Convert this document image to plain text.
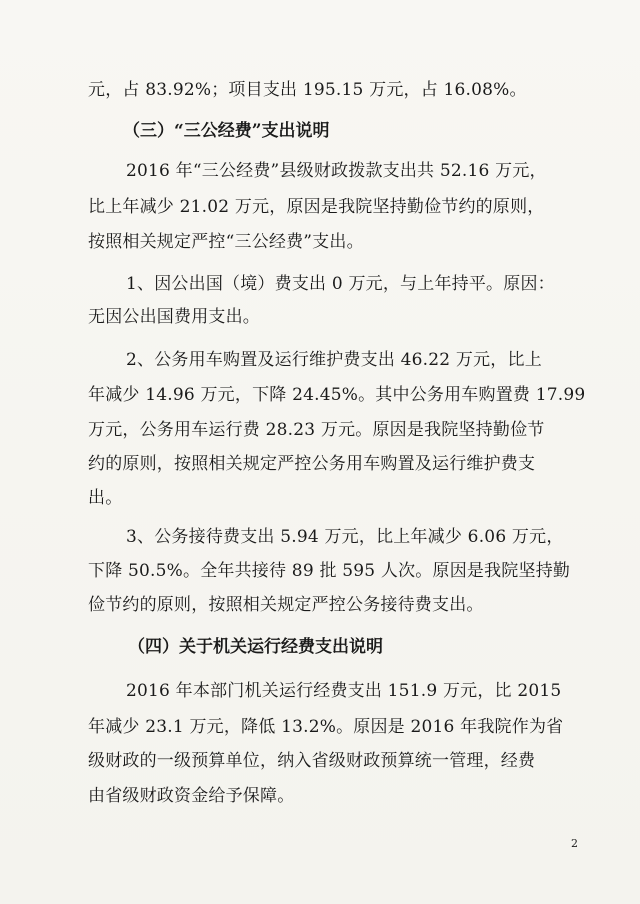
元，占 83.92%；项目支出 195.15 万元，占 16.08%。
（三）“三公经费”支出说明
2016 年“三公经费”县级财政拨款支出共 52.16 万元，
比上年减少 21.02 万元，原因是我院坚持勤俭节约的原则，
按照相关规定严控“三公经费”支出。
1、因公出国（境）费支出 0 万元，与上年持平。原因：
无因公出国费用支出。
2、公务用车购置及运行维护费支出 46.22 万元，比上
年减少 14.96 万元，下降 24.45%。其中公务用车购置费 17.99
万元，公务用车运行费 28.23 万元。原因是我院坚持勤俭节
约的原则，按照相关规定严控公务用车购置及运行维护费支
出。
3、公务接待费支出 5.94 万元，比上年减少 6.06 万元，
下降 50.5%。全年共接待 89 批 595 人次。原因是我院坚持勤
俭节约的原则，按照相关规定严控公务接待费支出。
（四）关于机关运行经费支出说明
2016 年本部门机关运行经费支出 151.9 万元，比 2015
年减少 23.1 万元，降低 13.2%。原因是 2016 年我院作为省
级财政的一级预算单位，纳入省级财政预算统一管理，经费
由省级财政资金给予保障。
2
